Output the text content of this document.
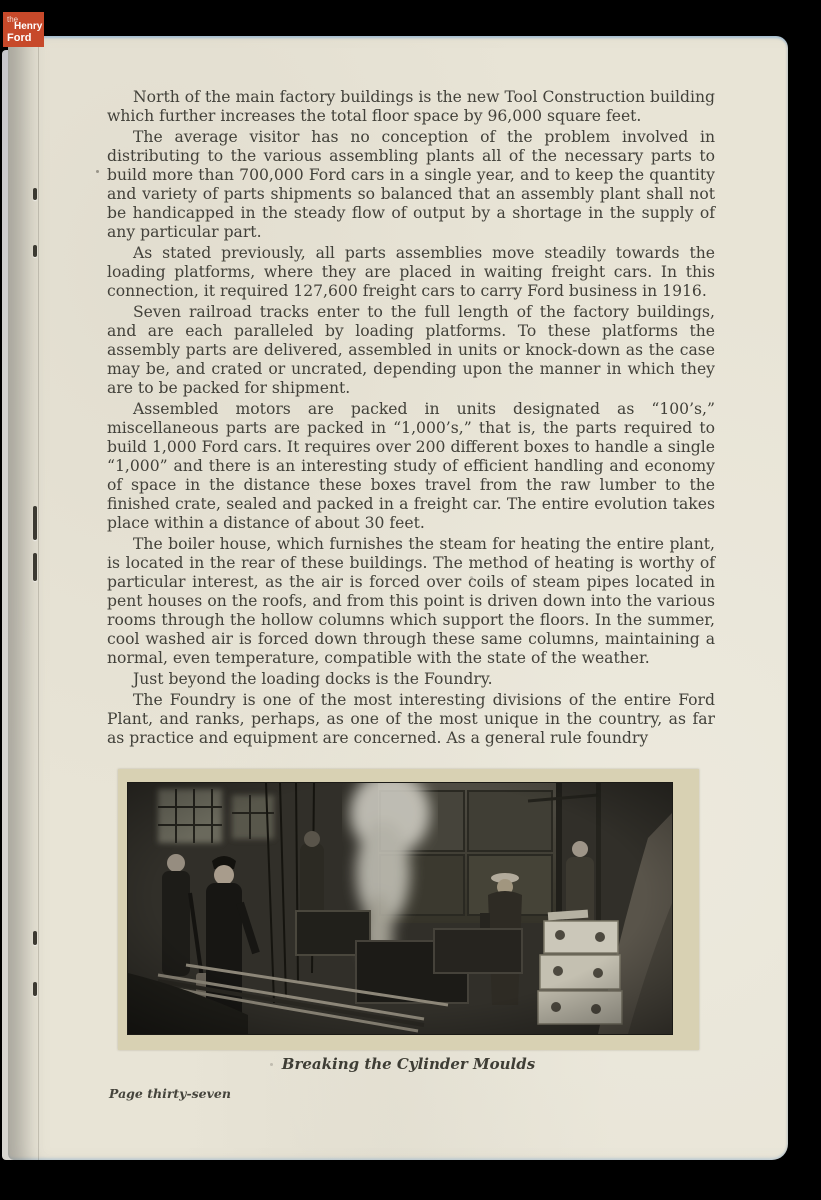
North of the main factory buildings is the new Tool Construction building which further increases the total floor space by 96,000 square feet.

The average visitor has no conception of the problem involved in distributing to the various assembling plants all of the necessary parts to build more than 700,000 Ford cars in a single year, and to keep the quantity and variety of parts shipments so balanced that an assembly plant shall not be handicapped in the steady flow of output by a shortage in the supply of any particular part.

As stated previously, all parts assemblies move steadily towards the loading platforms, where they are placed in waiting freight cars. In this connection, it required 127,600 freight cars to carry Ford business in 1916.

Seven railroad tracks enter to the full length of the factory buildings, and are each paralleled by loading platforms. To these platforms the assembly parts are delivered, assembled in units or knock-down as the case may be, and crated or uncrated, depending upon the manner in which they are to be packed for shipment.

Assembled motors are packed in units designated as “100’s,” miscellaneous parts are packed in “1,000’s,” that is, the parts required to build 1,000 Ford cars. It requires over 200 different boxes to handle a single “1,000” and there is an interesting study of efficient handling and economy of space in the distance these boxes travel from the raw lumber to the finished crate, sealed and packed in a freight car. The entire evolution takes place within a distance of about 30 feet.

The boiler house, which furnishes the steam for heating the entire plant, is located in the rear of these buildings. The method of heating is worthy of particular interest, as the air is forced over coils of steam pipes located in pent houses on the roofs, and from this point is driven down into the various rooms through the hollow columns which support the floors. In the summer, cool washed air is forced down through these same columns, maintaining a normal, even temperature, compatible with the state of the weather.

Just beyond the loading docks is the Foundry.

The Foundry is one of the most interesting divisions of the entire Ford Plant, and ranks, perhaps, as one of the most unique in the country, as far as practice and equipment are concerned. As a general rule foundry

Breaking the Cylinder Moulds
Page thirty-seven
the
Henry
Ford
